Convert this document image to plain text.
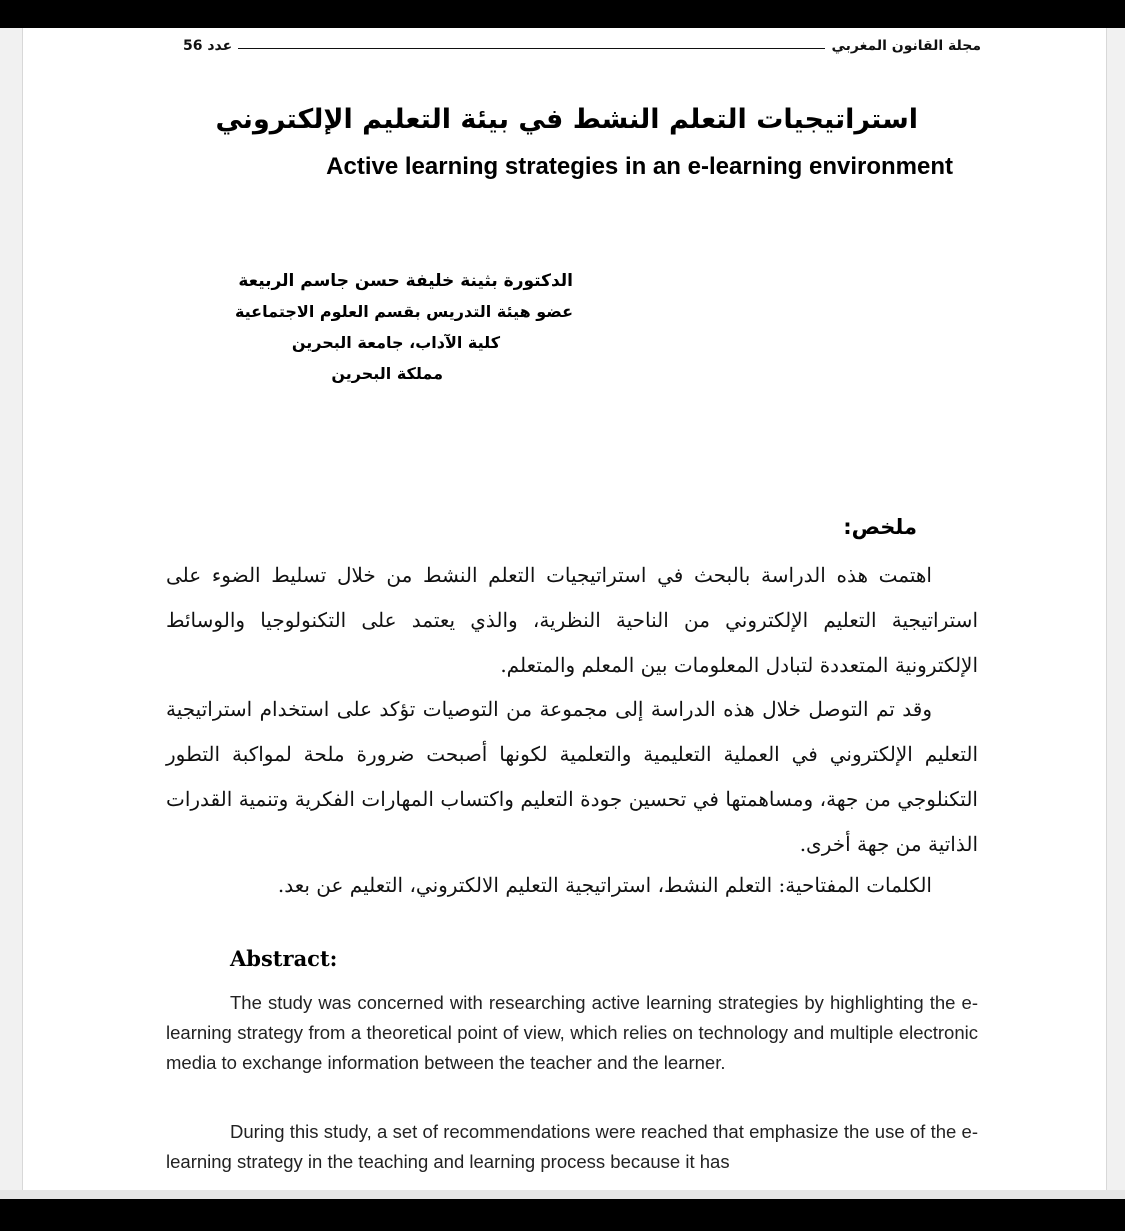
عدد 56	مجلة القانون المغربي
استراتيجيات التعلم النشط في بيئة التعليم الإلكتروني
Active learning strategies in an e-learning environment
الدكتورة بثينة خليفة حسن جاسم الربيعة
عضو هيئة التدريس بقسم العلوم الاجتماعية
كلية الآداب، جامعة البحرين
مملكة البحرين
ملخص:
اهتمت هذه الدراسة بالبحث في استراتيجيات التعلم النشط من خلال تسليط الضوء على استراتيجية التعليم الإلكتروني من الناحية النظرية، والذي يعتمد على التكنولوجيا والوسائط الإلكترونية المتعددة لتبادل المعلومات بين المعلم والمتعلم.
وقد تم التوصل خلال هذه الدراسة إلى مجموعة من التوصيات تؤكد على استخدام استراتيجية التعليم الإلكتروني في العملية التعليمية والتعلمية لكونها أصبحت ضرورة ملحة لمواكبة التطور التكنلوجي من جهة، ومساهمتها في تحسين جودة التعليم واكتساب المهارات الفكرية وتنمية القدرات الذاتية من جهة أخرى.
الكلمات المفتاحية: التعلم النشط، استراتيجية التعليم الالكتروني، التعليم عن بعد.
Abstract:
The study was concerned with researching active learning strategies by highlighting the e-learning strategy from a theoretical point of view, which relies on technology and multiple electronic media to exchange information between the teacher and the learner.
During this study, a set of recommendations were reached that emphasize the use of the e-learning strategy in the teaching and learning process because it has
